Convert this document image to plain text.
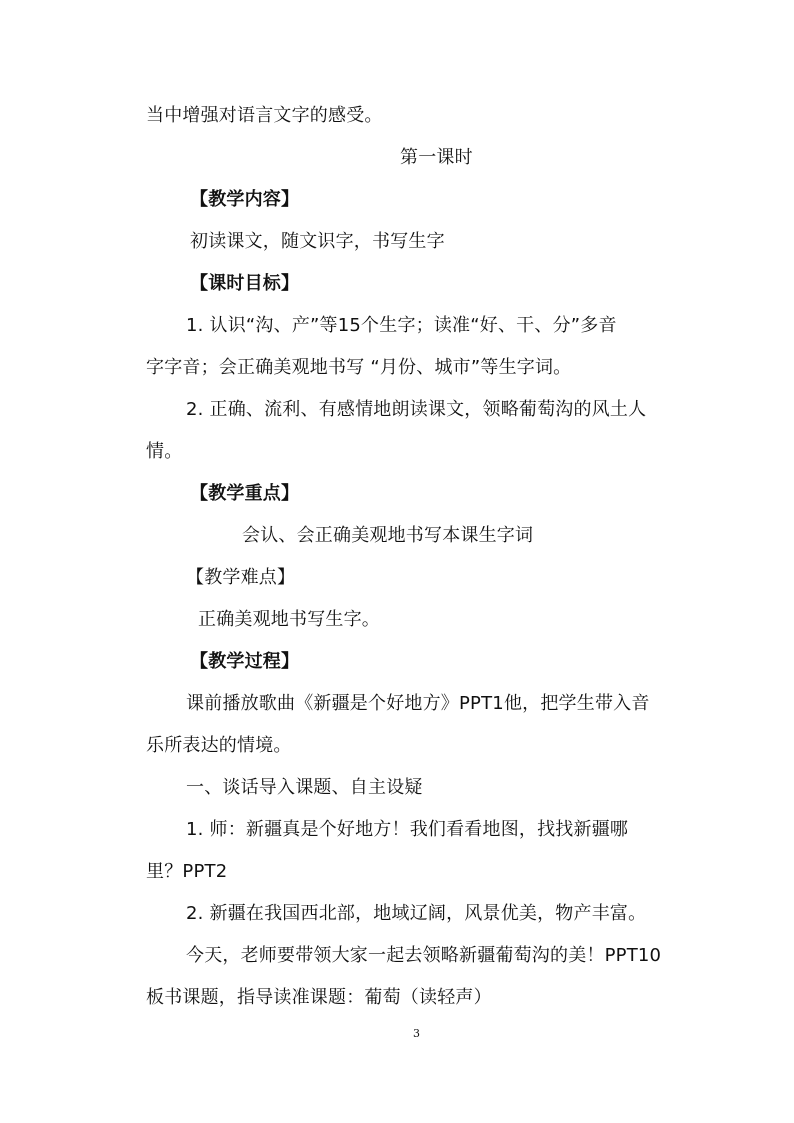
当中增强对语言文字的感受。
第一课时
【教学内容】
初读课文，随文识字，书写生字
【课时目标】
1. 认识“沟、产”等15个生字；读准“好、干、分”多音
字字音；会正确美观地书写 “月份、城市”等生字词。
2. 正确、流利、有感情地朗读课文，领略葡萄沟的风土人
情。
【教学重点】
会认、会正确美观地书写本课生字词
【教学难点】
正确美观地书写生字。
【教学过程】
课前播放歌曲《新疆是个好地方》PPT1他，把学生带入音
乐所表达的情境。
一、谈话导入课题、自主设疑
1. 师：新疆真是个好地方！我们看看地图，找找新疆哪
里？PPT2
2. 新疆在我国西北部，地域辽阔，风景优美，物产丰富。
今天，老师要带领大家一起去领略新疆葡萄沟的美！PPT10
板书课题，指导读准课题：葡萄（读轻声）
3
